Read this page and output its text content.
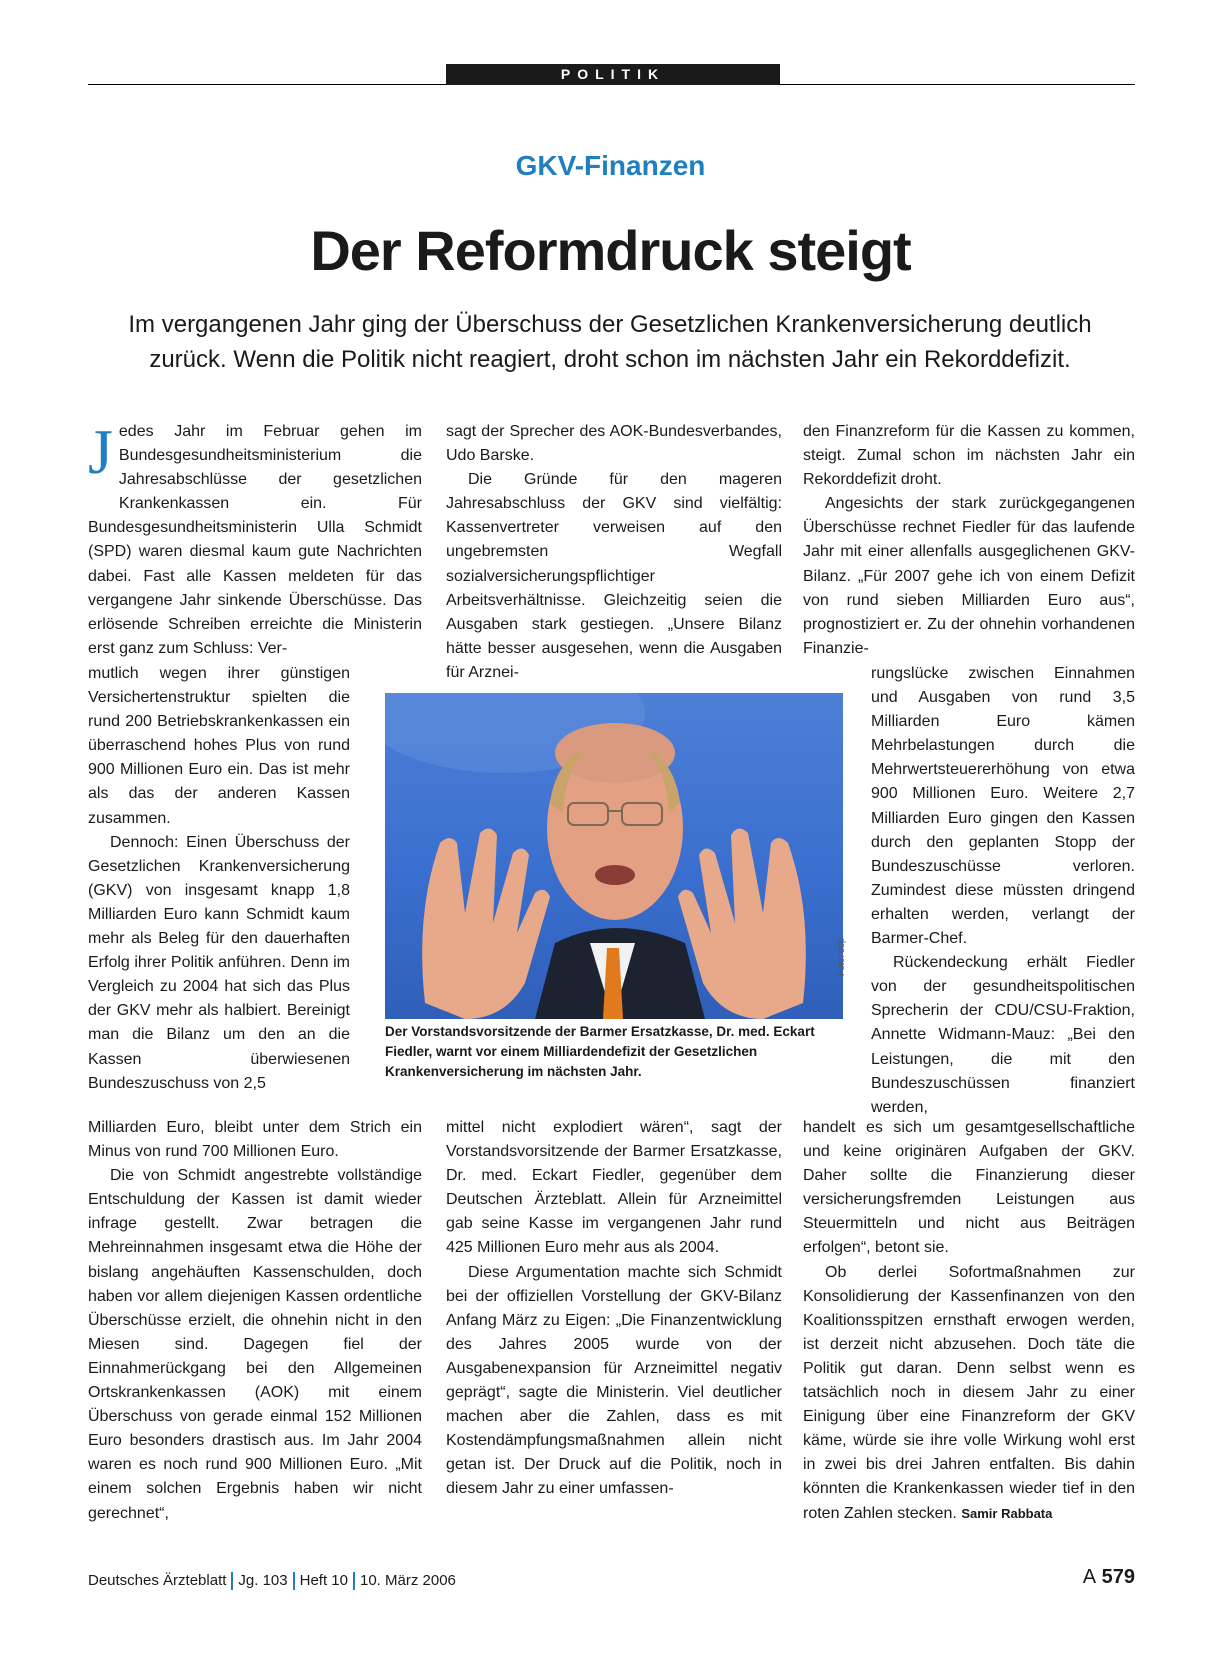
POLITIK
GKV-Finanzen
Der Reformdruck steigt
Im vergangenen Jahr ging der Überschuss der Gesetzlichen Krankenversicherung deutlich zurück. Wenn die Politik nicht reagiert, droht schon im nächsten Jahr ein Rekorddefizit.

Jedes Jahr im Februar gehen im Bundesgesundheitsministerium die Jahresabschlüsse der gesetzlichen Krankenkassen ein. Für Bundesgesundheitsministerin Ulla Schmidt (SPD) waren diesmal kaum gute Nachrichten dabei. Fast alle Kassen meldeten für das vergangene Jahr sinkende Überschüsse. Das erlösende Schreiben erreichte die Ministerin erst ganz zum Schluss: Ver-

mutlich wegen ihrer günstigen Versichertenstruktur spielten die rund 200 Betriebskrankenkassen ein überraschend hohes Plus von rund 900 Millionen Euro ein. Das ist mehr als das der anderen Kassen zusammen.

Dennoch: Einen Überschuss der Gesetzlichen Krankenversicherung (GKV) von insgesamt knapp 1,8 Milliarden Euro kann Schmidt kaum mehr als Beleg für den dauerhaften Erfolg ihrer Politik anführen. Denn im Vergleich zu 2004 hat sich das Plus der GKV mehr als halbiert. Bereinigt man die Bilanz um den an die Kassen überwiesenen Bundeszuschuss von 2,5

Milliarden Euro, bleibt unter dem Strich ein Minus von rund 700 Millionen Euro.

Die von Schmidt angestrebte vollständige Entschuldung der Kassen ist damit wieder infrage gestellt. Zwar betragen die Mehreinnahmen insgesamt etwa die Höhe der bislang angehäuften Kassenschulden, doch haben vor allem diejenigen Kassen ordentliche Überschüsse erzielt, die ohnehin nicht in den Miesen sind. Dagegen fiel der Einnahmerückgang bei den Allgemeinen Ortskrankenkassen (AOK) mit einem Überschuss von gerade einmal 152 Millionen Euro besonders drastisch aus. Im Jahr 2004 waren es noch rund 900 Millionen Euro. „Mit einem solchen Ergebnis haben wir nicht gerechnet“,

sagt der Sprecher des AOK-Bundesverbandes, Udo Barske.

Die Gründe für den mageren Jahresabschluss der GKV sind vielfältig: Kassenvertreter verweisen auf den ungebremsten Wegfall sozialversicherungspflichtiger Arbeitsverhältnisse. Gleichzeitig seien die Ausgaben stark gestiegen. „Unsere Bilanz hätte besser ausgesehen, wenn die Ausgaben für Arznei-

Foto: ddp
Der Vorstandsvorsitzende der Barmer Ersatzkasse, Dr. med. Eckart Fiedler, warnt vor einem Milliardendefizit der Gesetzlichen Krankenversicherung im nächsten Jahr.

mittel nicht explodiert wären“, sagt der Vorstandsvorsitzende der Barmer Ersatzkasse, Dr. med. Eckart Fiedler, gegenüber dem Deutschen Ärzteblatt. Allein für Arzneimittel gab seine Kasse im vergangenen Jahr rund 425 Millionen Euro mehr aus als 2004.

Diese Argumentation machte sich Schmidt bei der offiziellen Vorstellung der GKV-Bilanz Anfang März zu Eigen: „Die Finanzentwicklung des Jahres 2005 wurde von der Ausgabenexpansion für Arzneimittel negativ geprägt“, sagte die Ministerin. Viel deutlicher machen aber die Zahlen, dass es mit Kostendämpfungsmaßnahmen allein nicht getan ist. Der Druck auf die Politik, noch in diesem Jahr zu einer umfassen-

den Finanzreform für die Kassen zu kommen, steigt. Zumal schon im nächsten Jahr ein Rekorddefizit droht.

Angesichts der stark zurückgegangenen Überschüsse rechnet Fiedler für das laufende Jahr mit einer allenfalls ausgeglichenen GKV-Bilanz. „Für 2007 gehe ich von einem Defizit von rund sieben Milliarden Euro aus“, prognostiziert er. Zu der ohnehin vorhandenen Finanzie-

rungslücke zwischen Einnahmen und Ausgaben von rund 3,5 Milliarden Euro kämen Mehrbelastungen durch die Mehrwertsteuererhöhung von etwa 900 Millionen Euro. Weitere 2,7 Milliarden Euro gingen den Kassen durch den geplanten Stopp der Bundeszuschüsse verloren. Zumindest diese müssten dringend erhalten werden, verlangt der Barmer-Chef.

Rückendeckung erhält Fiedler von der gesundheitspolitischen Sprecherin der CDU/CSU-Fraktion, Annette Widmann-Mauz: „Bei den Leistungen, die mit den Bundeszuschüssen finanziert werden,

handelt es sich um gesamtgesellschaftliche und keine originären Aufgaben der GKV. Daher sollte die Finanzierung dieser versicherungsfremden Leistungen aus Steuermitteln und nicht aus Beiträgen erfolgen“, betont sie.

Ob derlei Sofortmaßnahmen zur Konsolidierung der Kassenfinanzen von den Koalitionsspitzen ernsthaft erwogen werden, ist derzeit nicht abzusehen. Doch täte die Politik gut daran. Denn selbst wenn es tatsächlich noch in diesem Jahr zu einer Einigung über eine Finanzreform der GKV käme, würde sie ihre volle Wirkung wohl erst in zwei bis drei Jahren entfalten. Bis dahin könnten die Krankenkassen wieder tief in den roten Zahlen stecken. Samir Rabbata

Deutsches Ärzteblatt Jg. 103 Heft 10 10. März 2006	A 579
